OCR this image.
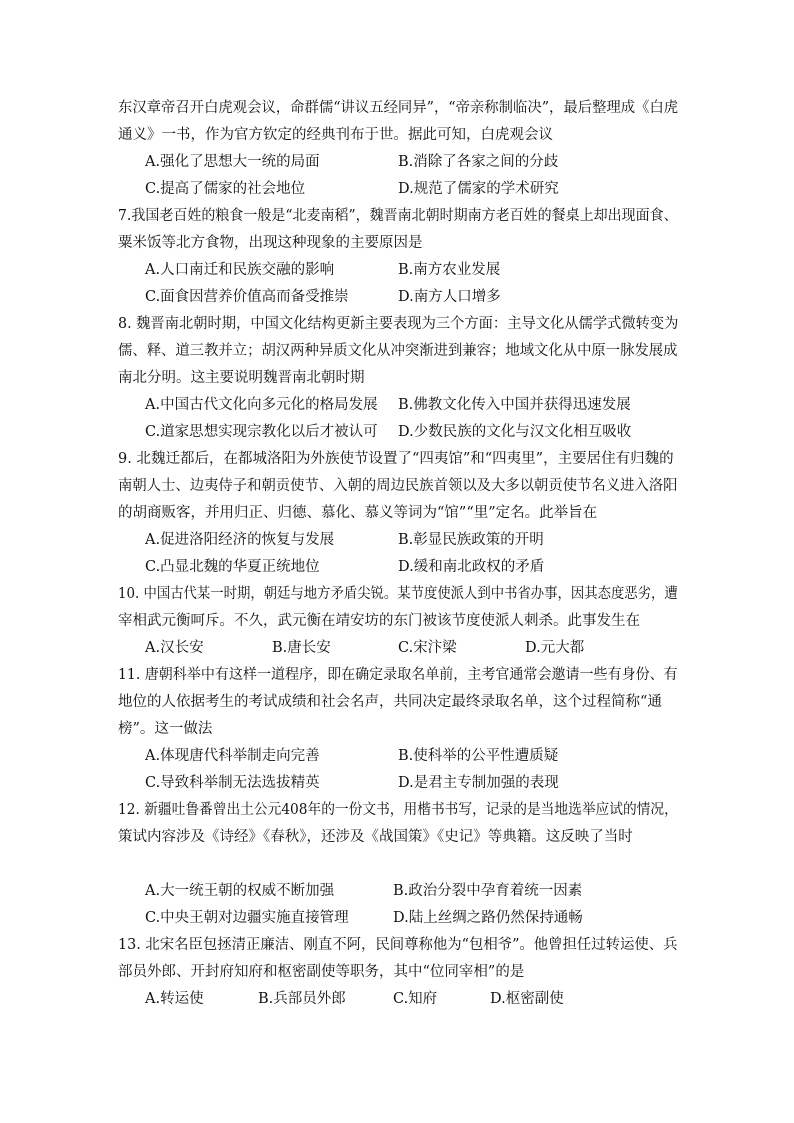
东汉章帝召开白虎观会议，命群儒“讲议五经同异”，“帝亲称制临决”，最后整理成《白虎
通义》一书，作为官方钦定的经典刊布于世。据此可知，白虎观会议
A.强化了思想大一统的局面	B.消除了各家之间的分歧
C.提高了儒家的社会地位	D.规范了儒家的学术研究
7.我国老百姓的粮食一般是“北麦南稻”，魏晋南北朝时期南方老百姓的餐桌上却出现面食、
粟米饭等北方食物，出现这种现象的主要原因是
A.人口南迁和民族交融的影响	B.南方农业发展
C.面食因营养价值高而备受推崇	D.南方人口增多
8. 魏晋南北朝时期，中国文化结构更新主要表现为三个方面：主导文化从儒学式微转变为
儒、释、道三教并立；胡汉两种异质文化从冲突渐进到兼容；地域文化从中原一脉发展成
南北分明。这主要说明魏晋南北朝时期
A.中国古代文化向多元化的格局发展 B.佛教文化传入中国并获得迅速发展
C.道家思想实现宗教化以后才被认可 D.少数民族的文化与汉文化相互吸收
9. 北魏迁都后，在都城洛阳为外族使节设置了“四夷馆”和“四夷里”，主要居住有归魏的
南朝人士、边夷侍子和朝贡使节、入朝的周边民族首领以及大多以朝贡使节名义进入洛阳
的胡商贩客，并用归正、归德、慕化、慕义等词为“馆”“里”定名。此举旨在
A.促进洛阳经济的恢复与发展	B.彰显民族政策的开明
C.凸显北魏的华夏正统地位	D.缓和南北政权的矛盾
10. 中国古代某一时期，朝廷与地方矛盾尖锐。某节度使派人到中书省办事，因其态度恶劣，遭
宰相武元衡呵斥。不久，武元衡在靖安坊的东门被该节度使派人刺杀。此事发生在
A.汉长安	B.唐长安	C.宋汴梁	D.元大都
11. 唐朝科举中有这样一道程序，即在确定录取名单前，主考官通常会邀请一些有身份、有
地位的人依据考生的考试成绩和社会名声，共同决定最终录取名单，这个过程简称“通
榜”。这一做法
A.体现唐代科举制走向完善	B.使科举的公平性遭质疑
C.导致科举制无法选拔精英	D.是君主专制加强的表现
12. 新疆吐鲁番曾出土公元408年的一份文书，用楷书书写，记录的是当地选举应试的情况，
策试内容涉及《诗经》《春秋》，还涉及《战国策》《史记》等典籍。这反映了当时
A.大一统王朝的权威不断加强	B.政治分裂中孕育着统一因素
C.中央王朝对边疆实施直接管理	D.陆上丝绸之路仍然保持通畅
13. 北宋名臣包拯清正廉洁、刚直不阿，民间尊称他为“包相爷”。他曾担任过转运使、兵
部员外郎、开封府知府和枢密副使等职务，其中“位同宰相”的是
A.转运使	B.兵部员外郎	C.知府	D.枢密副使
